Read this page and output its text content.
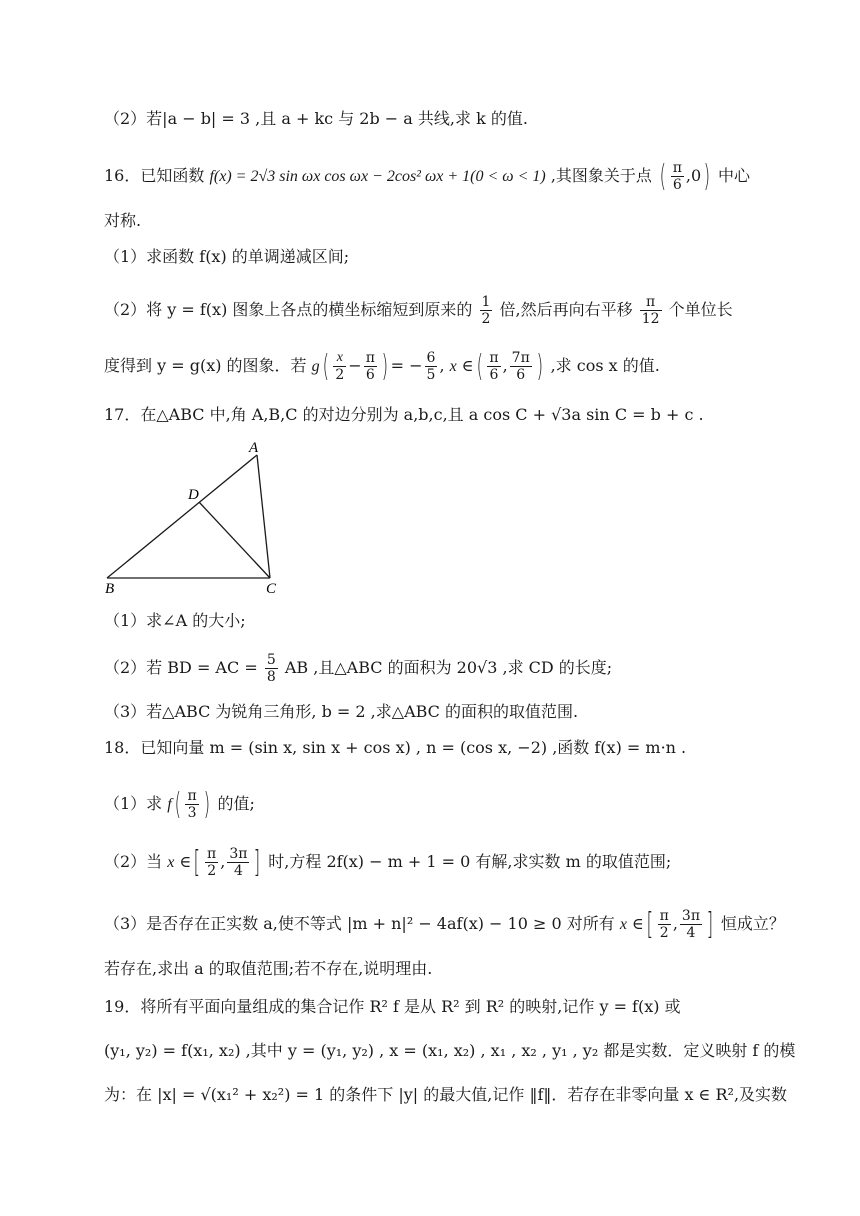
（2）若|a − b| = 3 ,且 a + kc 与 2b − a 共线,求 k 的值.
16．已知函数 f(x) = 2√3 sin ωx cos ωx − 2cos² ωx + 1(0 < ω < 1) ,其图象关于点 ( $\frac{\pi}{6} ,0$) 中心
对称.
（1）求函数 f(x) 的单调递减区间;
（2）将 y = f(x) 图象上各点的横坐标缩短到原来的 $\frac{1}{2}$ 倍,然后再向右平移 $\frac{\pi}{12}$ 个单位长
度得到 y = g(x) 的图象．若 $g( \frac{x}{2} - \frac{\pi}{6}$ ) = − $\frac{6}{5}$ , x ∈( $\frac{\pi}{6}$ , $\frac{7\pi}{6}$ ) ,求 cos x 的值.
17．在△ABC 中,角 A,B,C 的对边分别为 a,b,c,且 a cos C + √3a sin C = b + c .
A
B	C
D
（1）求∠A 的大小;
（2）若 BD = AC = $\frac{5}{8}$ AB ,且△ABC 的面积为 20√3 ,求 CD 的长度;
（3）若△ABC 为锐角三角形, b = 2 ,求△ABC 的面积的取值范围.
18．已知向量 m = (sin x, sin x + cos x) , n = (cos x, −2) ,函数 f(x) = m·n .
（1）求 $f( \frac{\pi}{3}$ ) 的值;
（2）当 x ∈[ $\frac{\pi}{2}$ , $\frac{3\pi}{4}$ ] 时,方程 2f(x) − m + 1 = 0 有解,求实数 m 的取值范围;
（3）是否存在正实数 a,使不等式 |m + n|² − 4af(x) − 10 ≥ 0 对所有 x ∈[ $\frac{\pi}{2}$ , $\frac{3\pi}{4}$ ] 恒成立？
若存在,求出 a 的取值范围;若不存在,说明理由.
19．将所有平面向量组成的集合记作 R² f 是从 R² 到 R² 的映射,记作 y = f(x) 或
(y₁, y₂) = f(x₁, x₂) ,其中 y = (y₁, y₂) , x = (x₁, x₂) , x₁ , x₂ , y₁ , y₂ 都是实数．定义映射 f 的模
为：在 |x| = √(x₁² + x₂²) = 1 的条件下 |y| 的最大值,记作 ‖f‖．若存在非零向量 x ∈ R²,及实数
